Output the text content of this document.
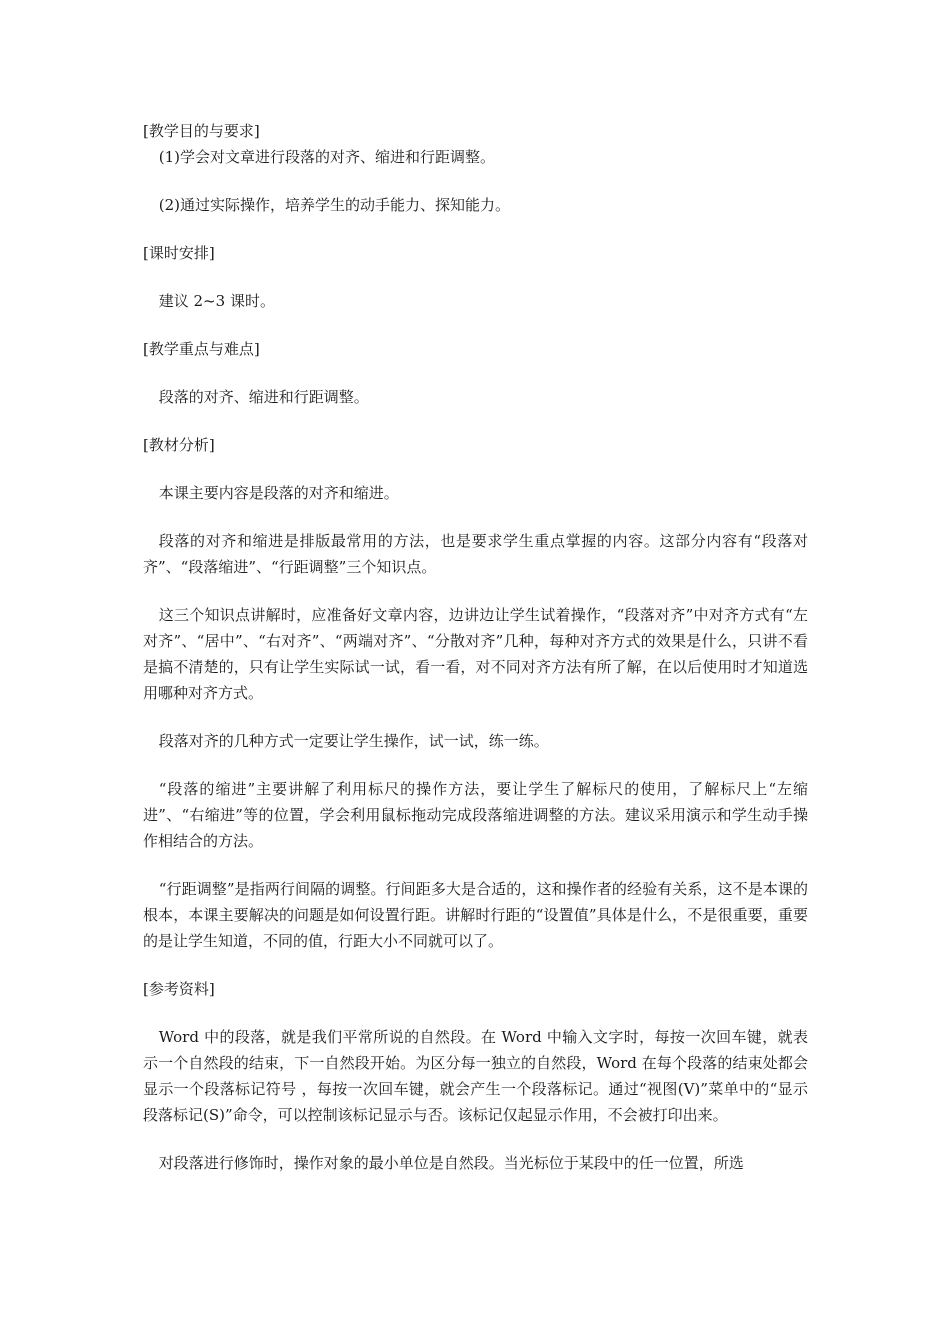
[教学目的与要求]

(1)学会对文章进行段落的对齐、缩进和行距调整。

(2)通过实际操作，培养学生的动手能力、探知能力。

[课时安排]

建议 2~3 课时。

[教学重点与难点]

段落的对齐、缩进和行距调整。

[教材分析]

本课主要内容是段落的对齐和缩进。

段落的对齐和缩进是排版最常用的方法，也是要求学生重点掌握的内容。这部分内容有“段落对齐”、“段落缩进”、“行距调整”三个知识点。

这三个知识点讲解时，应准备好文章内容，边讲边让学生试着操作，“段落对齐”中对齐方式有“左对齐”、“居中”、“右对齐”、“两端对齐”、“分散对齐”几种，每种对齐方式的效果是什么，只讲不看是搞不清楚的，只有让学生实际试一试，看一看，对不同对齐方法有所了解，在以后使用时才知道选用哪种对齐方式。

段落对齐的几种方式一定要让学生操作，试一试，练一练。

“段落的缩进”主要讲解了利用标尺的操作方法，要让学生了解标尺的使用，了解标尺上“左缩进”、“右缩进”等的位置，学会利用鼠标拖动完成段落缩进调整的方法。建议采用演示和学生动手操作相结合的方法。

“行距调整”是指两行间隔的调整。行间距多大是合适的，这和操作者的经验有关系，这不是本课的根本，本课主要解决的问题是如何设置行距。讲解时行距的“设置值”具体是什么，不是很重要，重要的是让学生知道，不同的值，行距大小不同就可以了。

[参考资料]

Word 中的段落，就是我们平常所说的自然段。在 Word 中输入文字时，每按一次回车键，就表示一个自然段的结束，下一自然段开始。为区分每一独立的自然段，Word 在每个段落的结束处都会显示一个段落标记符号 ，每按一次回车键，就会产生一个段落标记。通过“视图(V)”菜单中的“显示段落标记(S)”命令，可以控制该标记显示与否。该标记仅起显示作用，不会被打印出来。

对段落进行修饰时，操作对象的最小单位是自然段。当光标位于某段中的任一位置，所选
